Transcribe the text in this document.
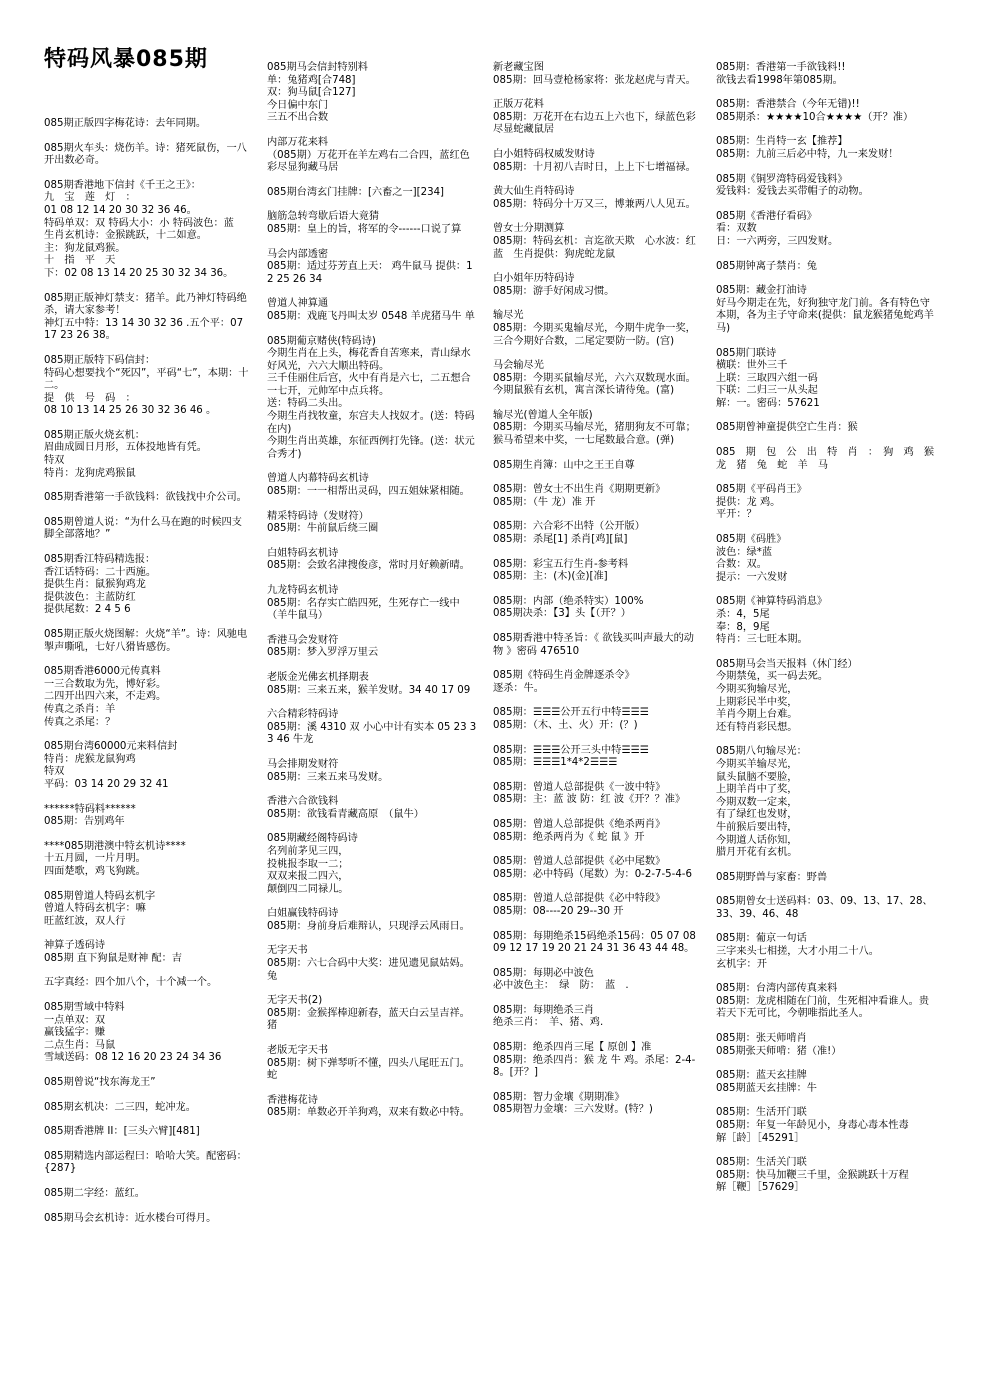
特码风暴085期
085期正版四字梅花诗：去年同期。
085期火车头：烧伤羊。诗：猪死鼠伤，一八开出数必奇。
085期香港地下信封《千王之王》：
九　宝　莲　灯　：
01 08 12 14 20 30 32 36 46。
特码单双：双 特码大小：小 特码波色：蓝
生肖玄机诗：金猴跳跃，十二如意。
主：狗龙鼠鸡猴。
十　指　平　天
下：02 08 13 14 20 25 30 32 34 36。
085期正版神灯禁支：猪羊。此乃神灯特码绝杀，请大家参考！
神灯五中特：13 14 30 32 36 .五个平：07 17 23 26 38。
085期正版特下码信封：
特码心想要找个“死囚”，平码“七”，本期：十二。
提　供　号　码　：
08 10 13 14 25 26 30 32 36 46 。
085期正版火烧玄机：
眉曲成圆日月形，五体投地皆有凭。
特双
特肖：龙狗虎鸡猴鼠
085期香港第一手欲钱料：欲钱找中介公司。
085期曾道人说：“为什么马在跑的时候四支脚全部落地？”
085期香江特码精选报：
香江话特码：二十西施。
提供生肖：鼠猴狗鸡龙
提供波色：主蓝防红
提供尾数：2 4 5 6
085期正版火烧图解：火烧“羊”。诗：风驰电掣声嘶吼，七好八猾皆感伤。
085期香港6000元传真料
一三合数取为先，博好彩。
二四开出四六来，不走鸡。
传真之杀肖：羊
传真之杀尾：？
085期台湾60000元来料信封
特肖：虎猴龙鼠狗鸡
特双
平码：03 14 20 29 32 41
******特码料******
085期：告别鸡年
****085期港澳中特玄机诗****
十五月圆，一片月明。
四面楚歌，鸡飞狗跳。
085期曾道人特码玄机字
曾道人特码玄机字：嘛
旺蓝红波，双人行
神算子透码诗
085期 直下狗鼠是财神 配：吉
五字真经：四个加八个，十个减一个。
085期雪域中特料
一点单双：双
赢钱猛字：赚
二点生肖：马鼠
雪域送码：08 12 16 20 23 24 34 36
085期曾说“找东海龙王”
085期玄机决：二三四，蛇冲龙。
085期香港牌 II：[三头六臂][481]
085期精选内部运程曰：哈哈大笑。配密码：{287}
085期二字经：蓝红。
085期马会玄机诗：近水楼台可得月。
085期马会信封特别料
单：兔猪鸡[合748]
双：狗马鼠[合127]
今日偏中东门
三五不出合数
内部万花来料
（085期）万花开在羊左鸡右二合四，蓝红色彩尽显狗藏马居
085期台湾玄门挂牌：[六畜之一][234]
脑筋急转弯歇后语大竟猜
085期：皇上的旨，将军的令------口说了算
马会内部透密
085期：适过芬芳直上天： 鸡牛鼠马 提供：12 25 26 34
曾道人神算通
085期：戏鹿飞丹叫太岁 0548 羊虎猪马牛 单
085期葡京赌侠(特码诗)
今期生肖在上头，梅花香自苦寒来，青山绿水好风光，六六大顺出特码。
三千佳丽住后宫，火中有肖是六七，二五想合一七开，元帅军中点兵将。
送：特码二头出。
今期生肖找牧童，东宫夫人找奴才。(送：特码在内)
今期生肖出英雄，东征西例打先锋。(送：状元合秀才)
曾道人内幕特码玄机诗
085期：一一相帮出灵码，四五姐妹紧相随。
精采特码诗（发财符）
085期：牛前鼠后绕三圈
白姐特码玄机诗
085期：会致名津搜俊彦，常时月好赖新晴。
九龙特码玄机诗
085期：名存实亡皓四死，生死存亡一线中（羊牛鼠马）
香港马会发财符
085期：梦入罗浮万里云
老版金光佛玄机择期表
085期：三来五来，猴羊发财。34 40 17 09
六合精彩特码诗
085期：溪 4310 双 小心中计有实本 05 23 33 46 牛龙
马会排期发财符
085期：三来五来马发财。
香港六合欲钱料
085期：欲钱看青藏高原　（鼠牛）
085期藏经阁特码诗
名列前茅见三四，
投桃报李取一二；
双双来报二四六，
颠倒四二同禄儿。
白姐赢钱特码诗
085期：身前身后难辩认，只现浮云风雨日。
无字天书
085期：六七合码中大奖：进见遗见鼠姑妈。　兔
无字天书(2)
085期：金猴挥棒迎新春，蓝天白云呈吉祥。猪
老版无字天书
085期：树下弹琴听不懂，四头八尾旺五门。蛇
香港梅花诗
085期：单数必开羊狗鸡，双来有数必中特。
新老藏宝图
085期：回马壹枪杨家将：张龙赵虎与青天。
正版万花料
085期：万花开在右边五上六也下，绿蓝色彩尽显蛇藏鼠居
白小姐特码权威发财诗
085期：十月初八吉时日，上上下七增福禄。
黄大仙生肖特码诗
085期：特码分十万又三，博兼两八人见五。
曾女士分期测算
085期：特码玄机：言迄欲天欺　心水波：红蓝　生肖提供：狗虎蛇龙鼠
白小姐年历特码诗
085期：游手好闲成习惯。
输尽光
085期：今期买鬼输尽光，今期牛虎争一奖，三合今期好合数，二尾定要防一防。(宫)
马会输尽光
085期：今期买鼠输尽光，六六双数现水面。今期鼠猴有玄机，寓言深长请待兔。(富)
输尽光(曾道人全年版)
085期：今期买马输尽光，猪朋狗友不可靠；猴马希望来中奖，一七尾数最合意。(弹)
085期生肖簿：山中之王王自尊
085期：曾女士不出生肖《期期更新》
085期：（牛 龙）准 开
085期：六合彩不出特（公开版）
085期：杀尾[1] 杀肖[鸡][鼠]
085期：彩宝五行生肖-参考料
085期：主：(木)(金)[准]
085期：内部（绝杀特实）100%
085期决杀：【3】头【（开？）
085期香港中特圣旨：《 欲钱买叫声最大的动物 》密码 476510
085期《特码生肖金牌逐杀令》
逐杀：牛。
085期：☰☰☰公开五行中特☰☰☰
085期：（木、土、火）开：(？)
085期：☰☰☰公开三头中特☰☰☰
085期：☰☰☰1*4*2☰☰☰
085期：曾道人总部提供《一波中特》
085期：主：蓝 波 防：红 波《开？？准》
085期：曾道人总部提供《绝杀两肖》
085期：绝杀两肖为《 蛇 鼠 》开
085期：曾道人总部提供《必中尾数》
085期：必中特码（尾数）为：0-2-7-5-4-6
085期：曾道人总部提供《必中特段》
085期：08----20 29--30 开
085期：每期绝杀15码绝杀15码：05 07 08 09 12 17 19 20 21 24 31 36 43 44 48。
085期：每期必中波色
必中波色主：　绿　防：　蓝　.
085期：每期绝杀三肖
绝杀三肖：　羊、猪、鸡.
085期：绝杀四肖三尾【 原创 】准
085期：绝杀四肖：猴 龙 牛 鸡。杀尾：2-4-8。[开？]
085期：智力金壤《期期准》
085期智力金壤：三六发财。(特？)
085期：香港第一手欲钱料!!
欲钱去看1998年第085期。
085期：香港禁合（今年无错)!!
085期杀：★★★★10合★★★★（开？准）
085期：生肖特一玄【推荐】
085期：九前三后必中特，九一来发财！
085期《铜罗湾特码爱钱料》
爱钱料：爱钱去买带帽子的动物。
085期《香港仔看码》
看：双数
日：一六两旁，三四发财。
085期钟离子禁肖：兔
085期：藏金打油诗
好马今期走在先，好狗独守龙门前。各有特色守本期，各为主子守命来(提供：鼠龙猴猪兔蛇鸡羊马)
085期门联诗
横联：世外三千
上联：三取四六组一码
下联：二归三一从头起
解：一。密码：57621
085期曾神童提供空亡生肖：猴
085　期　包　公　出　特　肖　：　狗　鸡　猴　龙　猪　兔　蛇　羊　马
085期《平码肖王》
提供：龙 鸡。
平开：？
085期《码胜》
波色：绿*蓝
合数：双。
提示：一六发财
085期《神算特码消息》
杀：4，5尾
奉：8，9尾
特肖：三七旺本期。
085期马会当天报料（休门经）
今期禁兔，买一码去死。
今期买狗输尽光，
上期彩民半中奖，
羊肖今期上台难。
还有特肖彩民想。
085期八句输尽光：
今期买羊输尽光，
鼠头鼠脑不要脸，
上期羊肖中了奖，
今期双数一定来，
有了绿红也发财，
牛前猴后要出特，
今期道人话你知，
腊月开花有玄机。
085期野兽与家畜：野兽
085期曾女士送码料：03、09、13、17、28、33、39、46、48
085期：葡京一句话
三字来头七相搓，大才小用二十八。
玄机字：开
085期：台湾内部传真来料
085期：龙虎相随在门前，生死相冲看谁人。贵若天下无可比，今朝唯指此圣人。
085期：张天师啃肖
085期张天师啃：猪（准!）
085期：蓝天玄挂牌
085期蓝天玄挂牌：牛
085期：生活开门联
085期：年复一年龄见小，身毒心毒本性毒
解［龄］［45291］
085期：生活关门联
085期：快马加鞭三千里，金猴跳跃十万程
解［鞭］［57629］
